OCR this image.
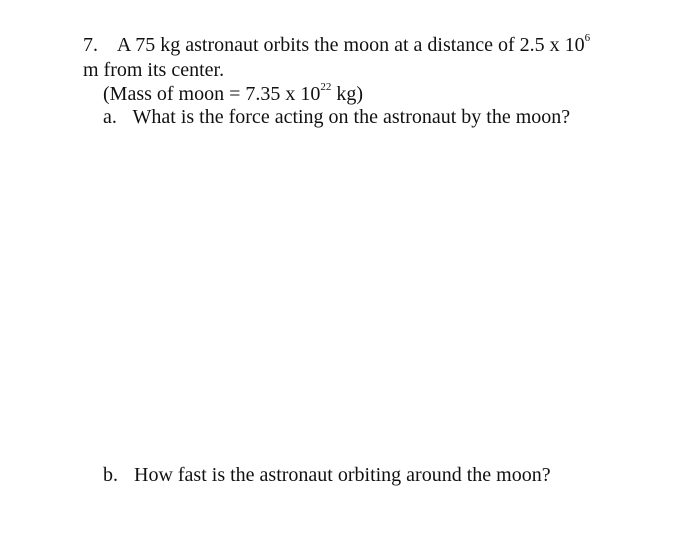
7. A 75 kg astronaut orbits the moon at a distance of 2.5 x $10^6$
m from its center.
(Mass of moon = 7.35 x $10^{22}$ kg)
a. What is the force acting on the astronaut by the moon?
b. How fast is the astronaut orbiting around the moon?
